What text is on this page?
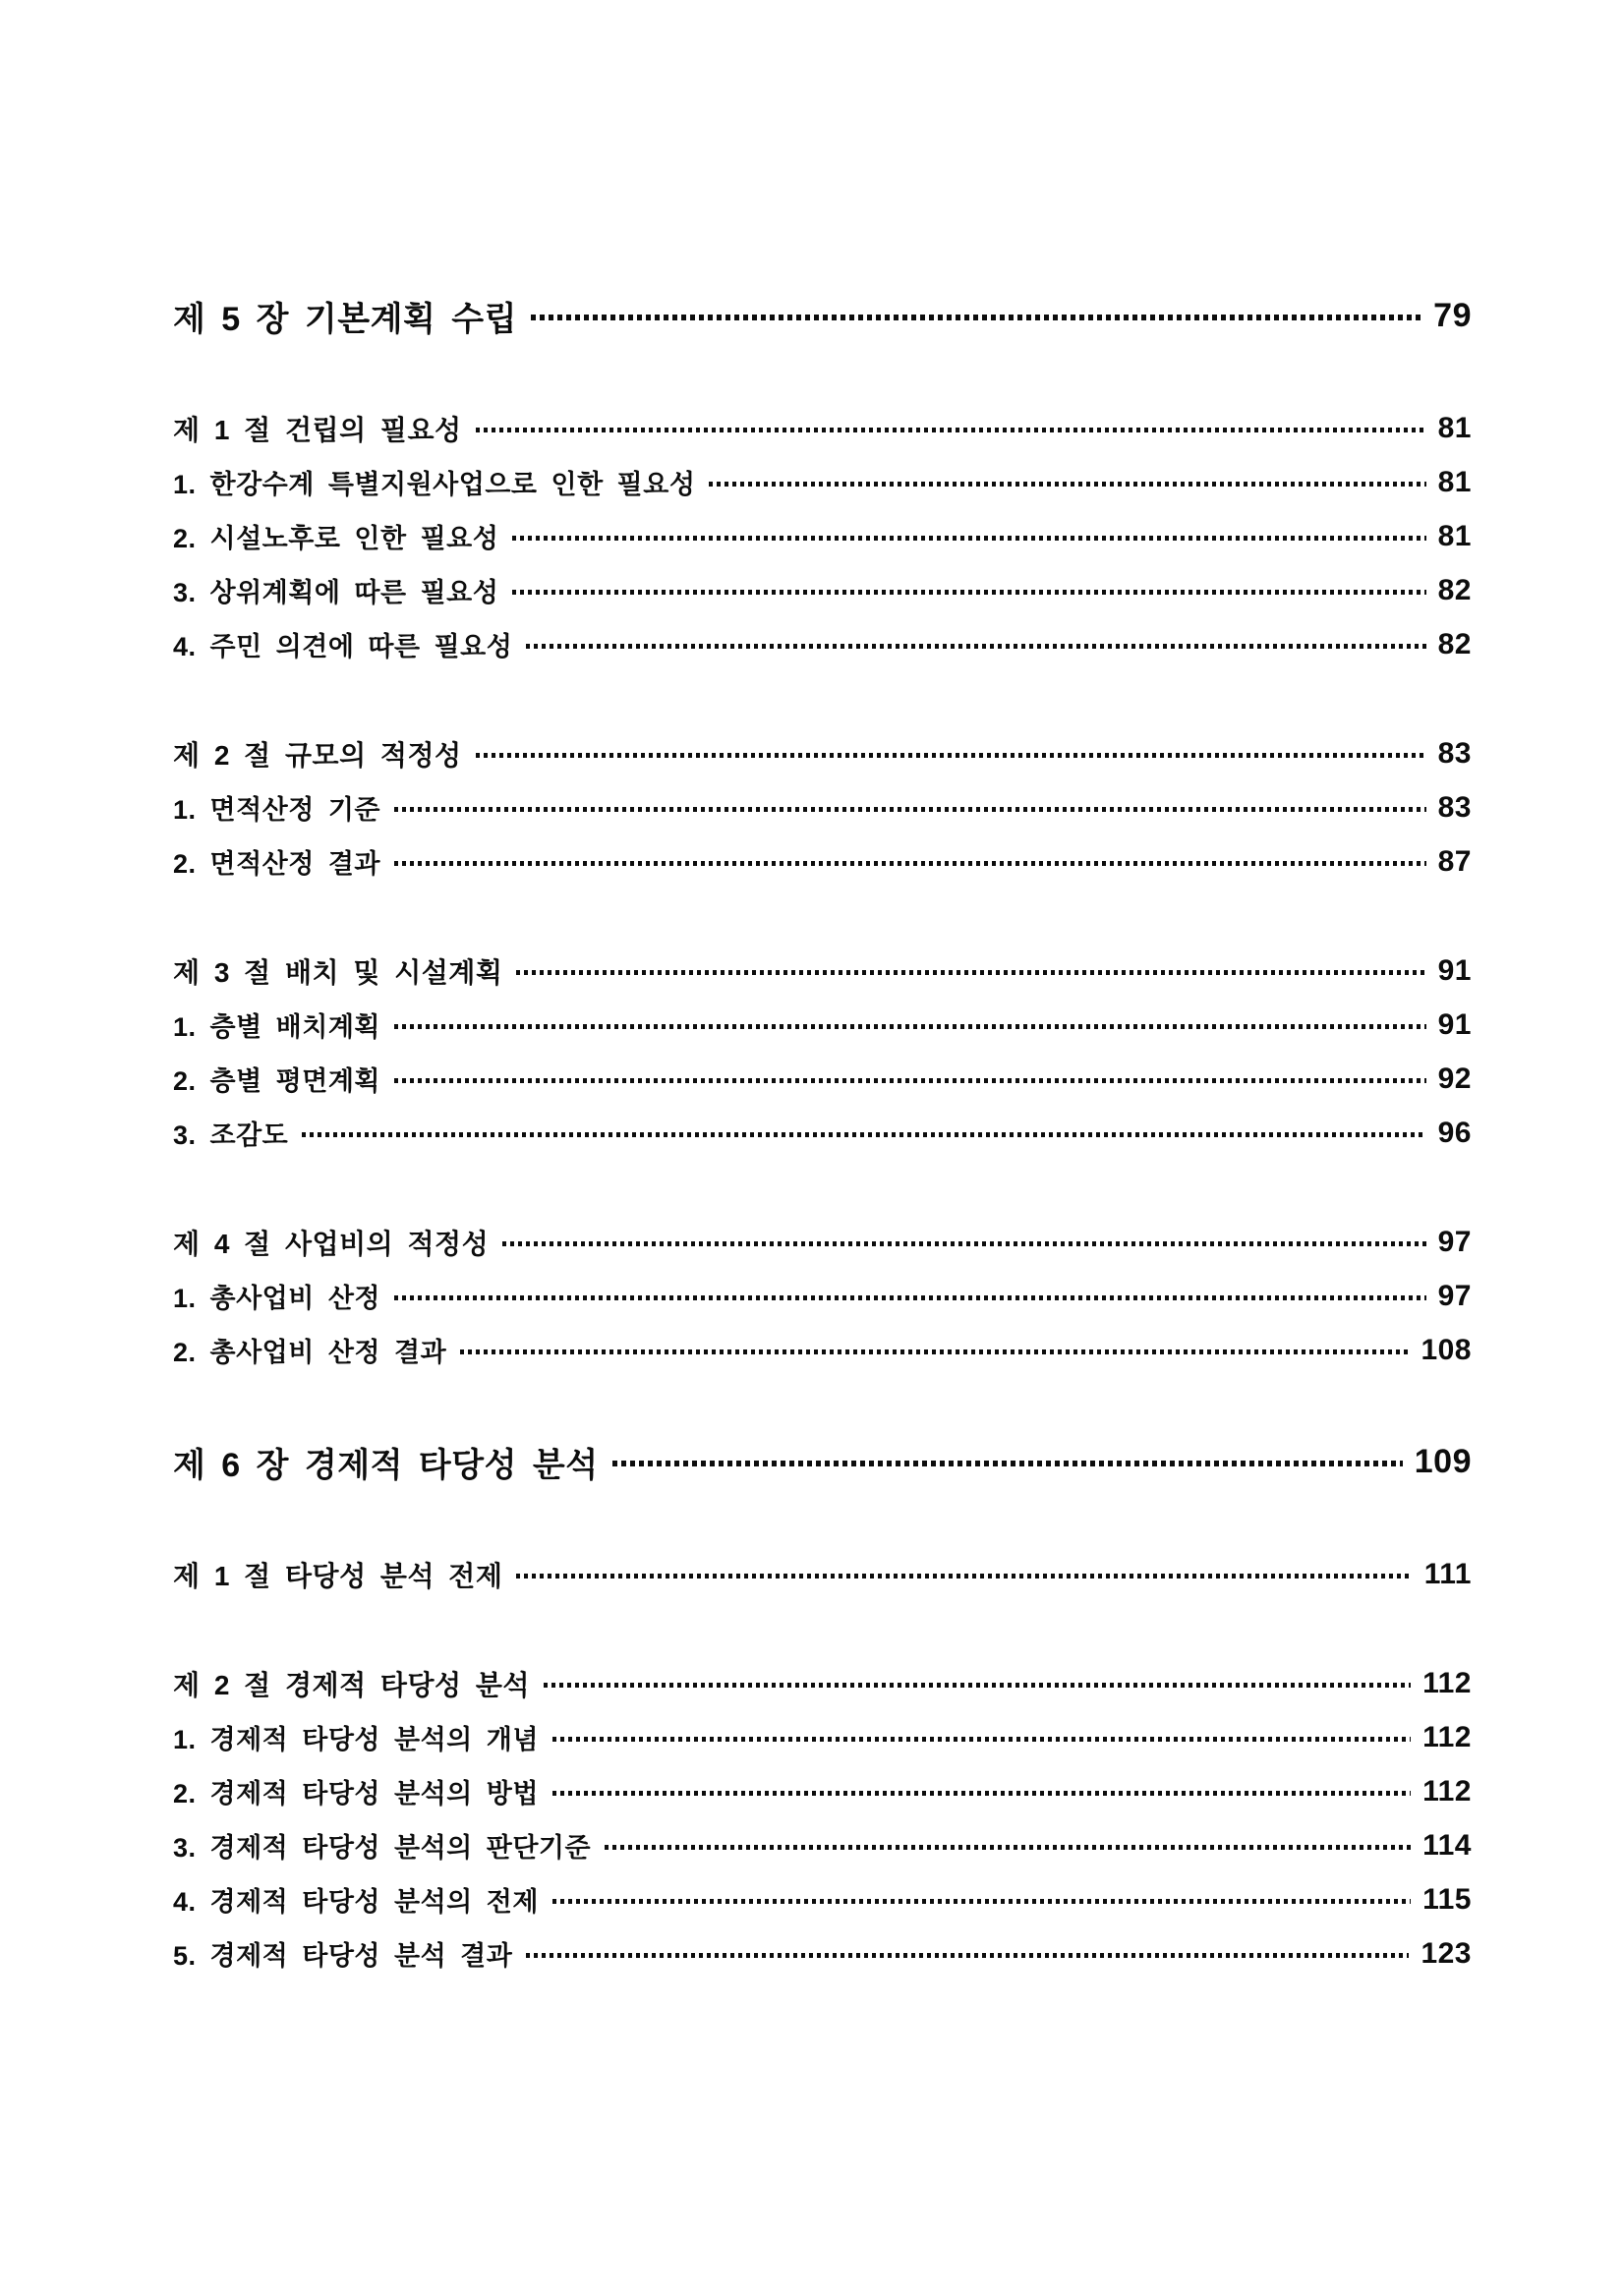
제 5 장 기본계획 수립	79
제 1 절 건립의 필요성	81
1. 한강수계 특별지원사업으로 인한 필요성	81
2. 시설노후로 인한 필요성	81
3. 상위계획에 따른 필요성	82
4. 주민 의견에 따른 필요성	82
제 2 절 규모의 적정성	83
1. 면적산정 기준	83
2. 면적산정 결과	87
제 3 절 배치 및 시설계획	91
1. 층별 배치계획	91
2. 층별 평면계획	92
3. 조감도	96
제 4 절 사업비의 적정성	97
1. 총사업비 산정	97
2. 총사업비 산정 결과	108
제 6 장 경제적 타당성 분석	109
제 1 절 타당성 분석 전제	111
제 2 절 경제적 타당성 분석	112
1. 경제적 타당성 분석의 개념	112
2. 경제적 타당성 분석의 방법	112
3. 경제적 타당성 분석의 판단기준	114
4. 경제적 타당성 분석의 전제	115
5. 경제적 타당성 분석 결과	123
